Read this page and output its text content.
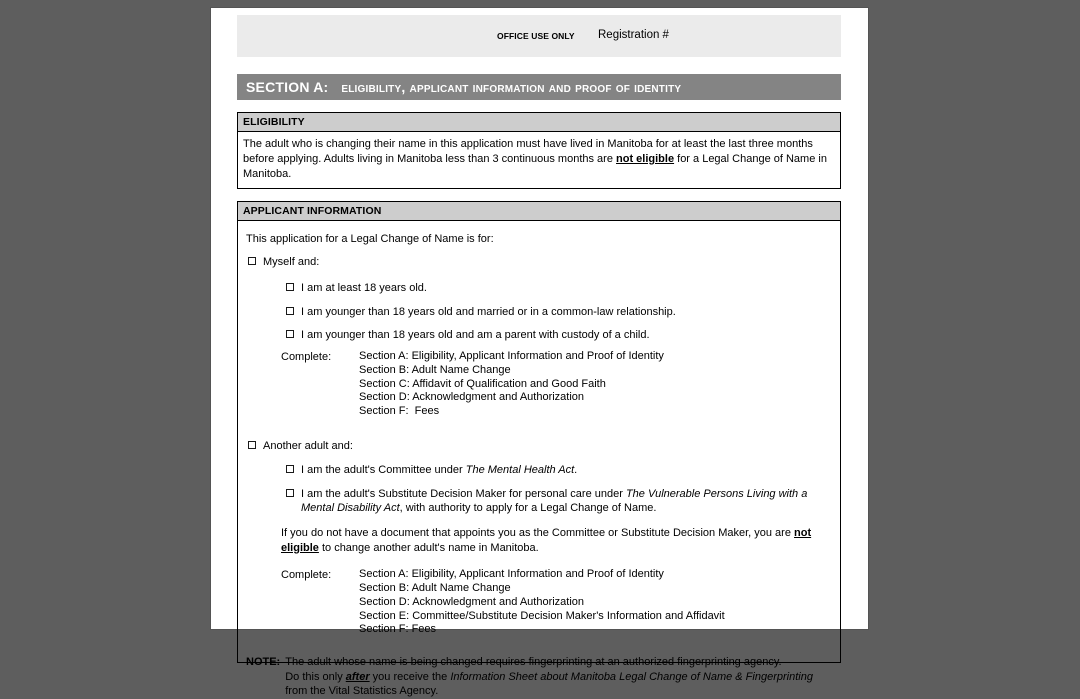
OFFICE USE ONLY Registration #
SECTION A: eligibility, applicant information and proof of identity
ELIGIBILITY

The adult who is changing their name in this application must have lived in Manitoba for at least the last three months before applying. Adults living in Manitoba less than 3 continuous months are not eligible for a Legal Change of Name in Manitoba.

APPLICANT INFORMATION

This application for a Legal Change of Name is for:

Myself and:
I am at least 18 years old.
I am younger than 18 years old and married or in a common-law relationship.
I am younger than 18 years old and am a parent with custody of a child.
Complete:	Section A: Eligibility, Applicant Information and Proof of Identity
Section B: Adult Name Change
Section C: Affidavit of Qualification and Good Faith
Section D: Acknowledgment and Authorization
Section F:  Fees
Another adult and:
I am the adult's Committee under The Mental Health Act.
I am the adult's Substitute Decision Maker for personal care under The Vulnerable Persons Living with a Mental Disability Act, with authority to apply for a Legal Change of Name.

If you do not have a document that appoints you as the Committee or Substitute Decision Maker, you are not eligible to change another adult's name in Manitoba.

Complete:	Section A: Eligibility, Applicant Information and Proof of Identity
Section B: Adult Name Change
Section D: Acknowledgment and Authorization
Section E: Committee/Substitute Decision Maker's Information and Affidavit
Section F: Fees
NOTE: The adult whose name is being changed requires fingerprinting at an authorized fingerprinting agency.
Do this only after you receive the Information Sheet about Manitoba Legal Change of Name & Fingerprinting from the Vital Statistics Agency.
